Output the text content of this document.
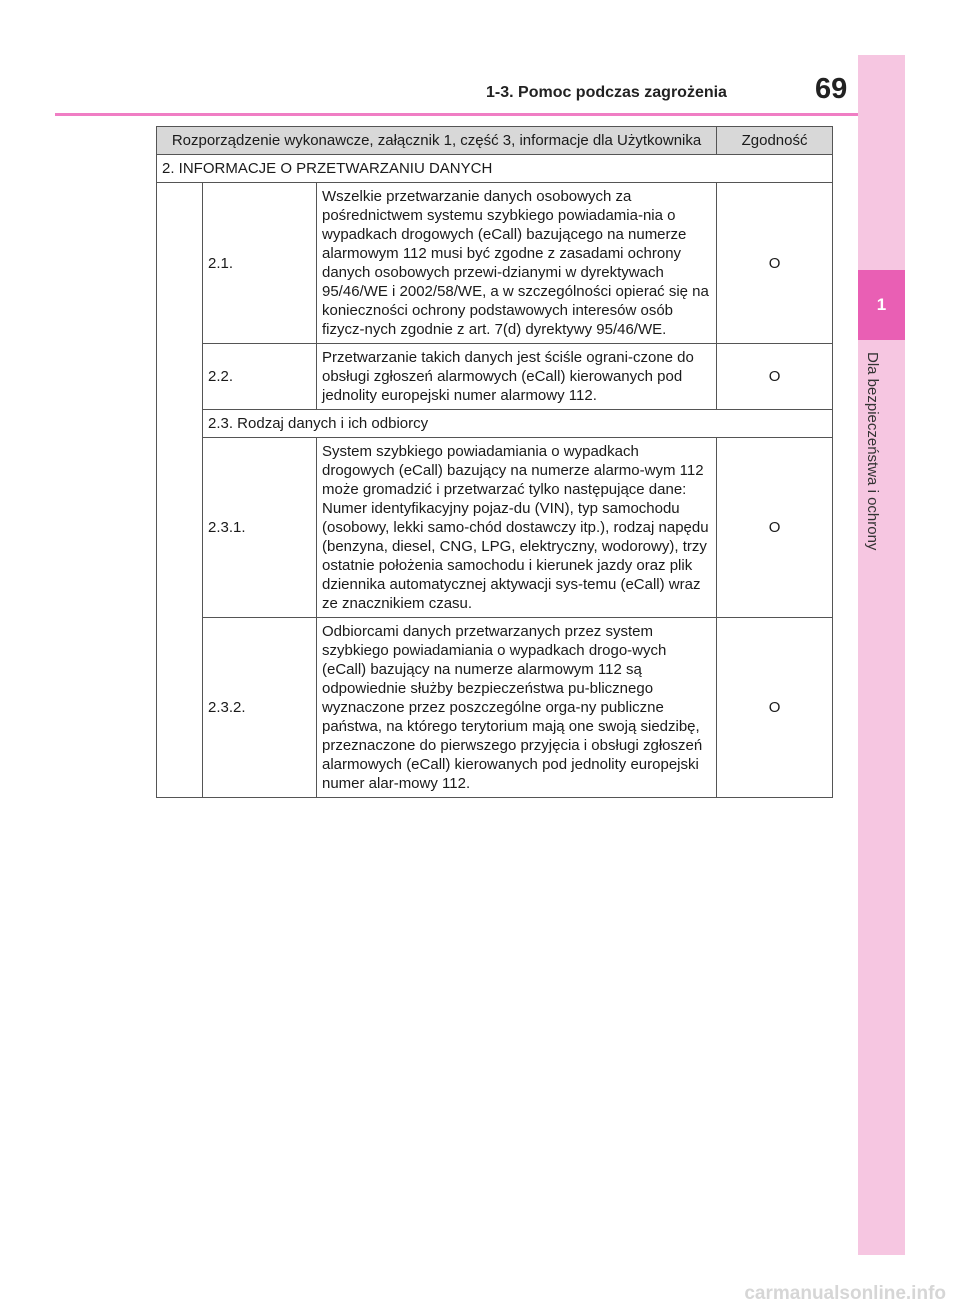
1-3. Pomoc podczas zagrożenia	69
1
Dla bezpieczeństwa i ochrony
Rozporządzenie wykonawcze, załącznik 1, część 3, informacje dla Użytkownika			Zgodność
2. INFORMACJE O PRZETWARZANIU DANYCH			
	2.1.	Wszelkie przetwarzanie danych osobowych za pośrednictwem systemu szybkiego powiadamia-nia o wypadkach drogowych (eCall) bazującego na numerze alarmowym 112 musi być zgodne z zasadami ochrony danych osobowych przewi-dzianymi w dyrektywach 95/46/WE i 2002/58/WE, a w szczególności opierać się na konieczności ochrony podstawowych interesów osób fizycz-nych zgodnie z art. 7(d) dyrektywy 95/46/WE.	O
	2.2.	Przetwarzanie takich danych jest ściśle ograni-czone do obsługi zgłoszeń alarmowych (eCall) kierowanych pod jednolity europejski numer alarmowy 112.	O
	2.3. Rodzaj danych i ich odbiorcy		
	2.3.1.	System szybkiego powiadamiania o wypadkach drogowych (eCall) bazujący na numerze alarmo-wym 112 może gromadzić i przetwarzać tylko następujące dane: Numer identyfikacyjny pojaz-du (VIN), typ samochodu (osobowy, lekki samo-chód dostawczy itp.), rodzaj napędu (benzyna, diesel, CNG, LPG, elektryczny, wodorowy), trzy ostatnie położenia samochodu i kierunek jazdy oraz plik dziennika automatycznej aktywacji sys-temu (eCall) wraz ze znacznikiem czasu.	O
	2.3.2.	Odbiorcami danych przetwarzanych przez system szybkiego powiadamiania o wypadkach drogo-wych (eCall) bazujący na numerze alarmowym 112 są odpowiednie służby bezpieczeństwa pu-blicznego wyznaczone przez poszczególne orga-ny publiczne państwa, na którego terytorium mają one swoją siedzibę, przeznaczone do pierwszego przyjęcia i obsługi zgłoszeń alarmowych (eCall) kierowanych pod jednolity europejski numer alar-mowy 112.	O
carmanualsonline.info
